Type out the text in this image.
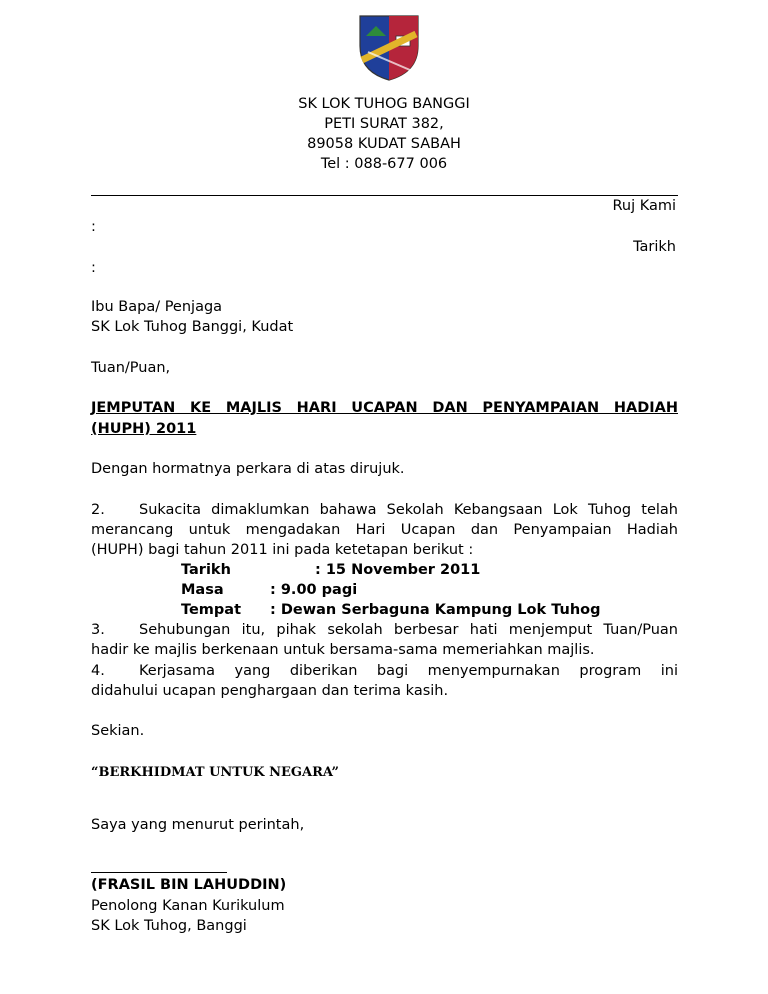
SK LOK TUHOG BANGGI
PETI SURAT 382,
89058 KUDAT SABAH
Tel : 088-677 006
Ruj Kami
:
Tarikh
:
Ibu Bapa/ Penjaga
SK Lok Tuhog Banggi, Kudat
Tuan/Puan,
JEMPUTAN KE MAJLIS HARI UCAPAN DAN PENYAMPAIAN HADIAH
(HUPH) 2011
Dengan hormatnya perkara di atas dirujuk.
2. Sukacita dimaklumkan bahawa Sekolah Kebangsaan Lok Tuhog telah
merancang untuk mengadakan Hari Ucapan dan Penyampaian Hadiah
(HUPH) bagi tahun 2011 ini pada ketetapan berikut :
Tarikh	: 15 November 2011
Masa	: 9.00 pagi
Tempat : Dewan Serbaguna Kampung Lok Tuhog
3. Sehubungan itu, pihak sekolah berbesar hati menjemput Tuan/Puan
hadir ke majlis berkenaan untuk bersama-sama memeriahkan majlis.
4. Kerjasama yang diberikan bagi menyempurnakan program ini
didahului ucapan penghargaan dan terima kasih.
Sekian.
“BERKHIDMAT UNTUK NEGARA”
Saya yang menurut perintah,
(FRASIL BIN LAHUDDIN)
Penolong Kanan Kurikulum
SK Lok Tuhog, Banggi
